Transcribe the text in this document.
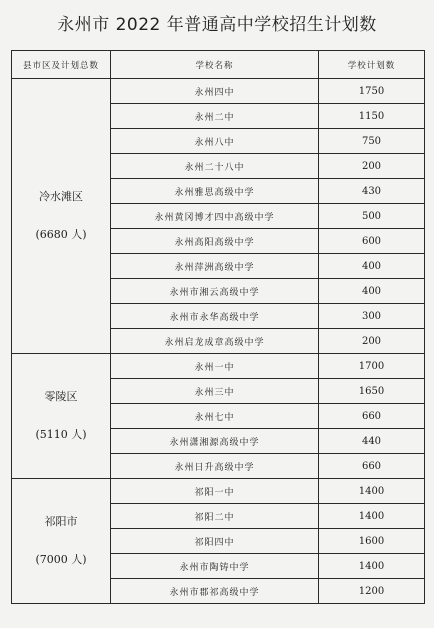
永州市 2022 年普通高中学校招生计划数
县市区及计划总数	学校名称	学校计划数

冷水滩区
(6680 人)	永州四中	1750
	永州二中	1150
	永州八中	750
	永州二十八中	200
	永州雅思高级中学	430
	永州黄冈博才四中高级中学	500
	永州高阳高级中学	600
	永州萍洲高级中学	400
	永州市湘云高级中学	400
	永州市永华高级中学	300
	永州启龙成章高级中学	200

零陵区
(5110 人)	永州一中	1700
	永州三中	1650
	永州七中	660
	永州潇湘源高级中学	440
	永州日升高级中学	660

祁阳市
(7000 人)	祁阳一中	1400
	祁阳二中	1400
	祁阳四中	1600
	永州市陶铸中学	1400
	永州市郡祁高级中学	1200
